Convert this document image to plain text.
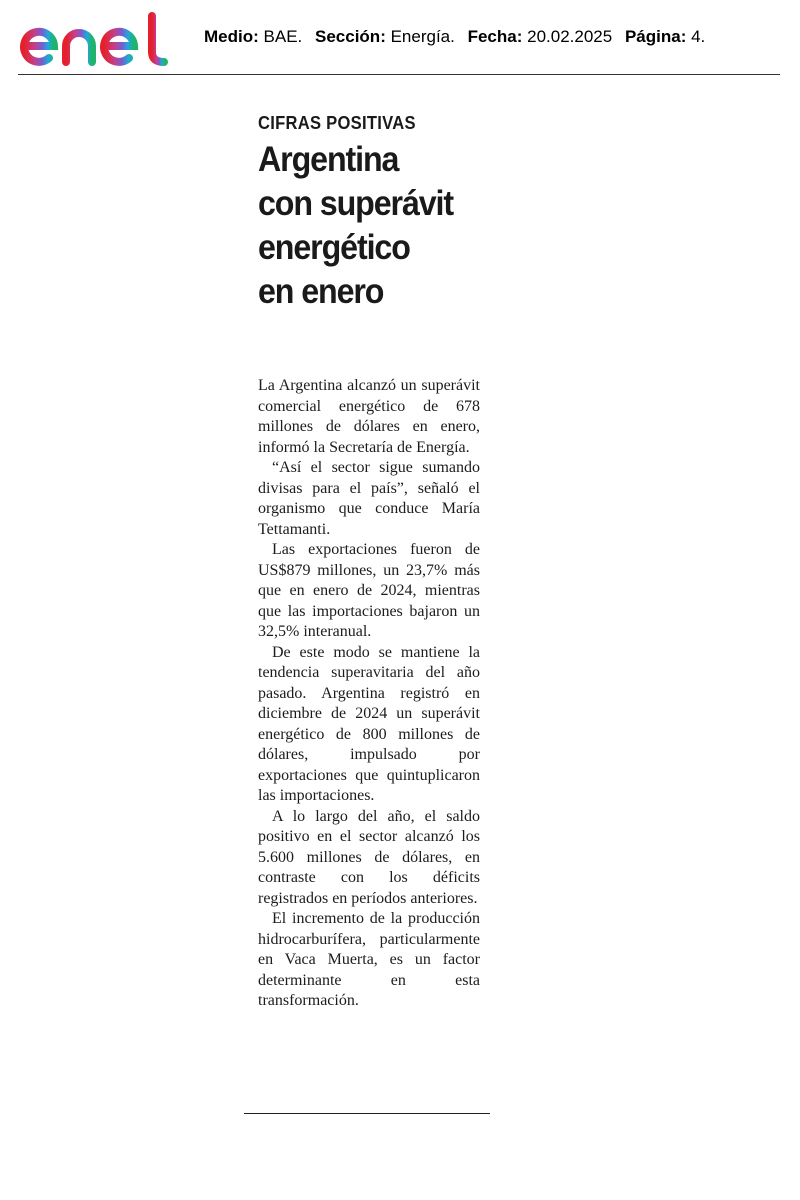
Medio: BAE. Sección: Energía. Fecha: 20.02.2025 Página: 4.
CIFRAS POSITIVAS
Argentina
con superávit
energético
en enero

La Argentina alcanzó un superávit comercial energético de 678 millones de dólares en enero, informó la Secretaría de Energía.

“Así el sector sigue sumando divisas para el país”, señaló el organismo que conduce María Tettamanti.

Las exportaciones fueron de US$879 millones, un 23,7% más que en enero de 2024, mientras que las importaciones bajaron un 32,5% interanual.

De este modo se mantiene la tendencia superavitaria del año pasado. Argentina registró en diciembre de 2024 un superávit energético de 800 millones de dólares, impulsado por exportaciones que quintuplicaron las importaciones.

A lo largo del año, el saldo positivo en el sector alcanzó los 5.600 millones de dólares, en contraste con los déficits registrados en períodos anteriores.

El incremento de la producción hidrocarburífera, particularmente en Vaca Muerta, es un factor determinante en esta transformación.
